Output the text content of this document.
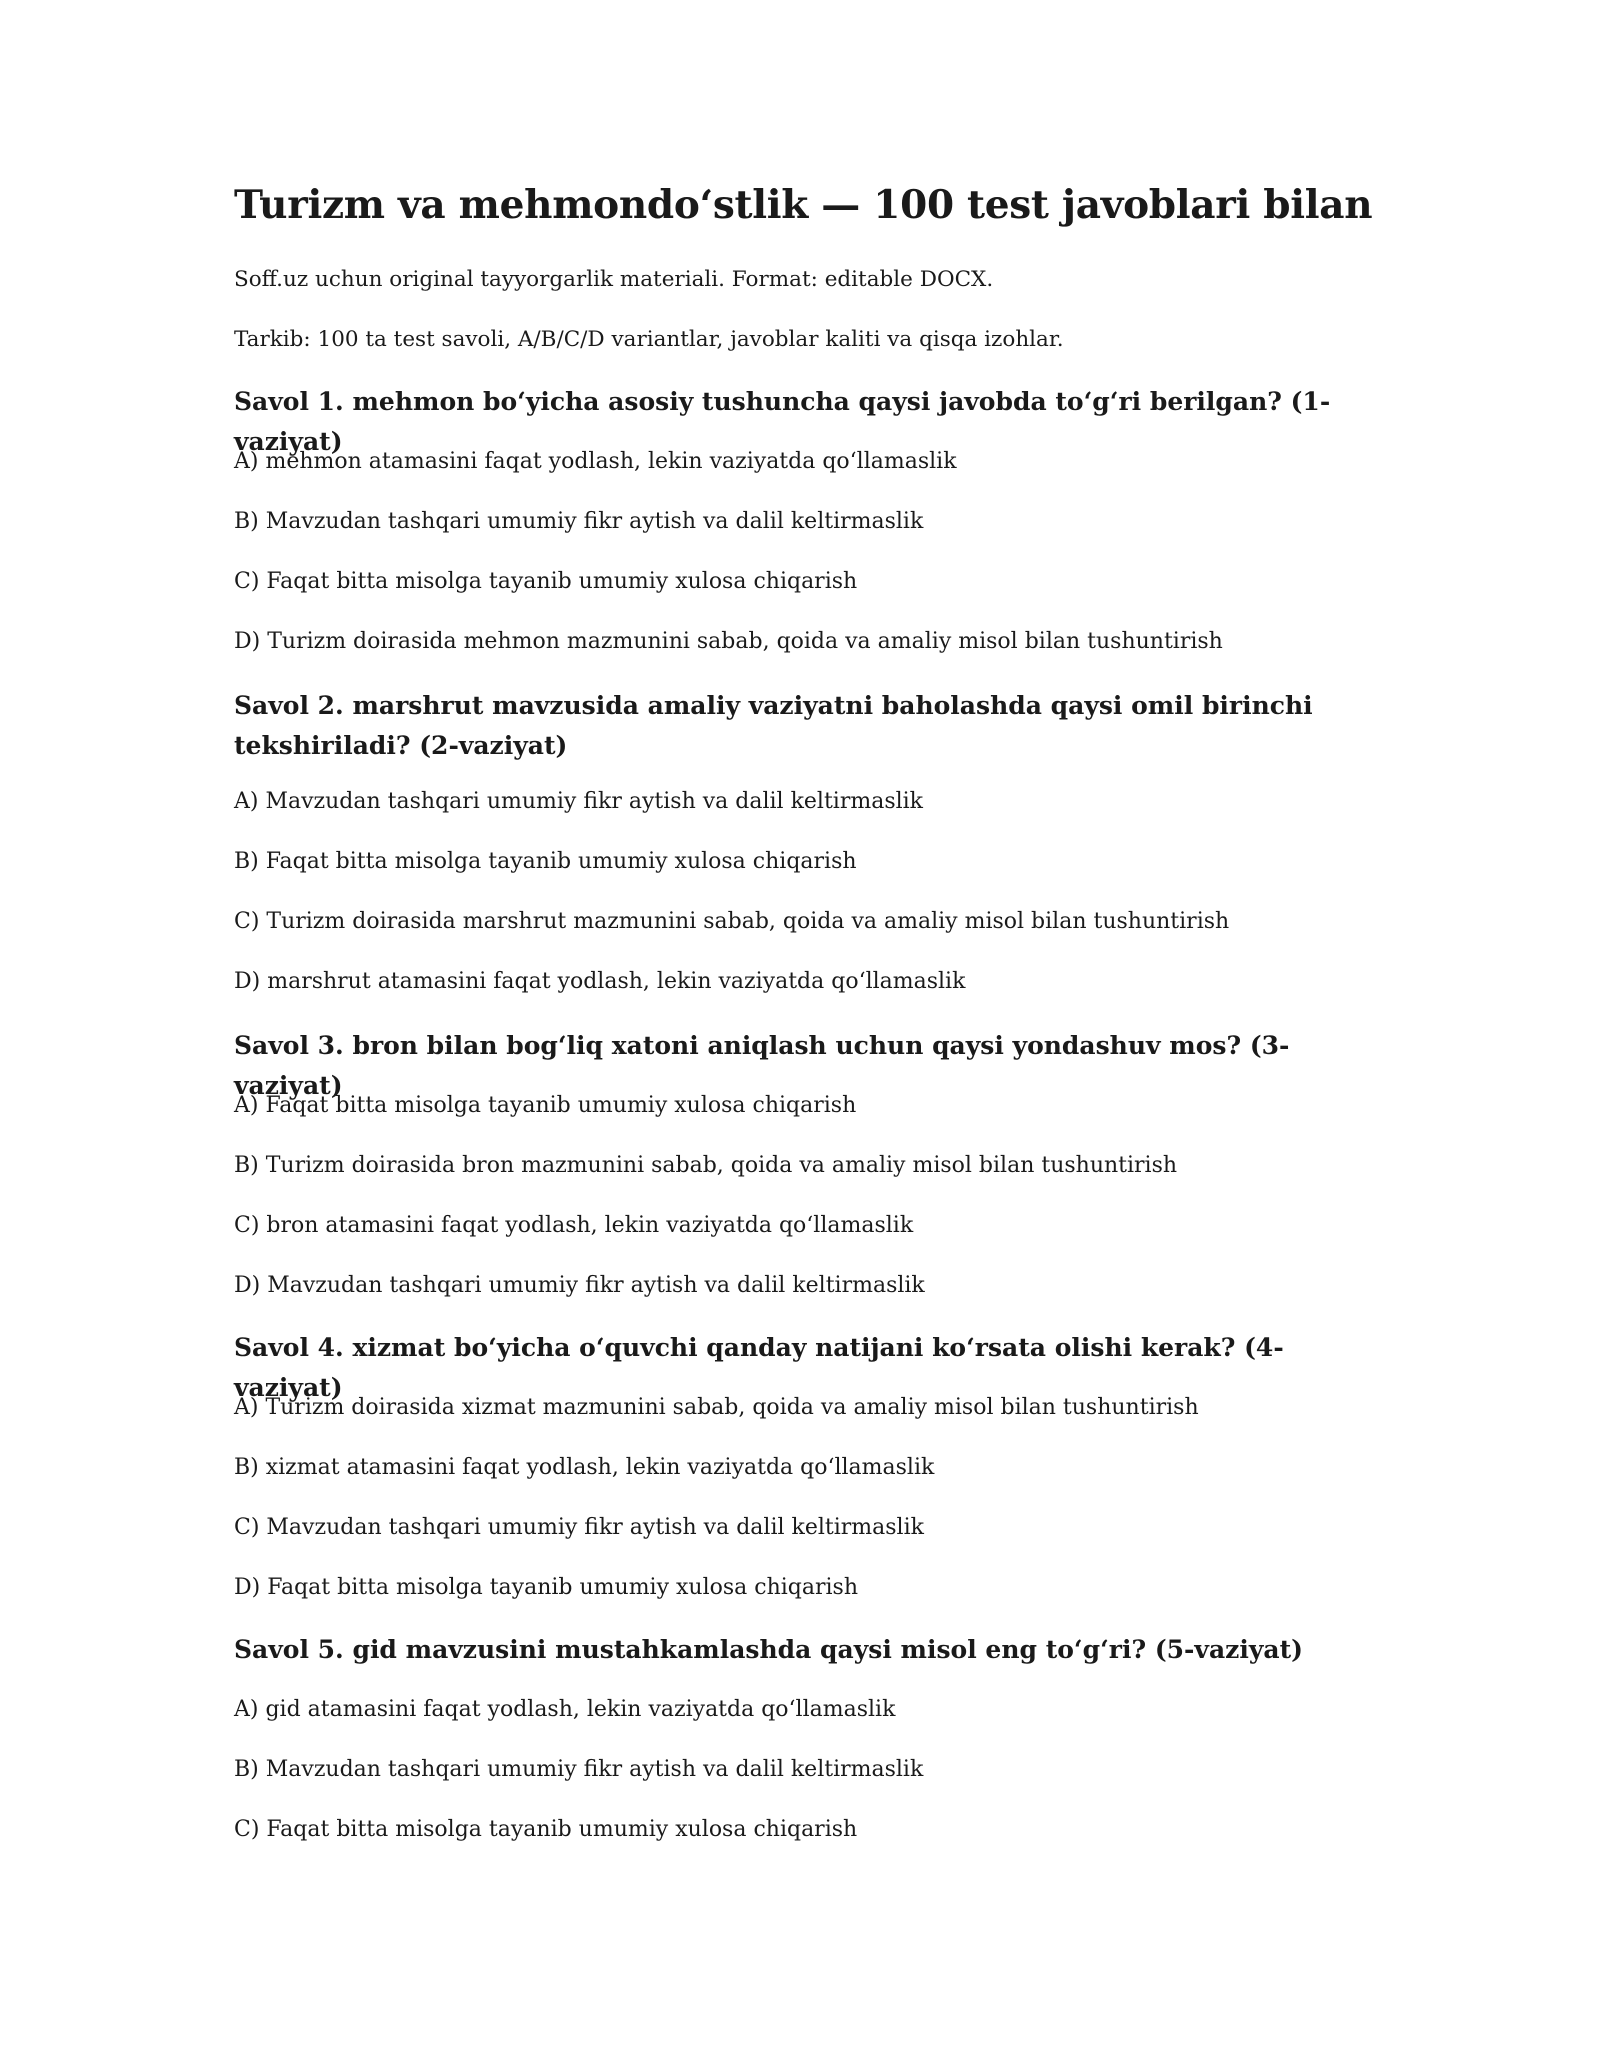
Turizm va mehmondo‘stlik — 100 test javoblari bilan

Soff.uz uchun original tayyorgarlik materiali. Format: editable DOCX.

Tarkib: 100 ta test savoli, A/B/C/D variantlar, javoblar kaliti va qisqa izohlar.

Savol 1. mehmon bo‘yicha asosiy tushuncha qaysi javobda to‘g‘ri berilgan? (1-vaziyat)

A) mehmon atamasini faqat yodlash, lekin vaziyatda qo‘llamaslik

B) Mavzudan tashqari umumiy fikr aytish va dalil keltirmaslik

C) Faqat bitta misolga tayanib umumiy xulosa chiqarish

D) Turizm doirasida mehmon mazmunini sabab, qoida va amaliy misol bilan tushuntirish

Savol 2. marshrut mavzusida amaliy vaziyatni baholashda qaysi omil birinchi tekshiriladi? (2-vaziyat)

A) Mavzudan tashqari umumiy fikr aytish va dalil keltirmaslik

B) Faqat bitta misolga tayanib umumiy xulosa chiqarish

C) Turizm doirasida marshrut mazmunini sabab, qoida va amaliy misol bilan tushuntirish

D) marshrut atamasini faqat yodlash, lekin vaziyatda qo‘llamaslik

Savol 3. bron bilan bog‘liq xatoni aniqlash uchun qaysi yondashuv mos? (3-vaziyat)

A) Faqat bitta misolga tayanib umumiy xulosa chiqarish

B) Turizm doirasida bron mazmunini sabab, qoida va amaliy misol bilan tushuntirish

C) bron atamasini faqat yodlash, lekin vaziyatda qo‘llamaslik

D) Mavzudan tashqari umumiy fikr aytish va dalil keltirmaslik

Savol 4. xizmat bo‘yicha o‘quvchi qanday natijani ko‘rsata olishi kerak? (4-vaziyat)

A) Turizm doirasida xizmat mazmunini sabab, qoida va amaliy misol bilan tushuntirish

B) xizmat atamasini faqat yodlash, lekin vaziyatda qo‘llamaslik

C) Mavzudan tashqari umumiy fikr aytish va dalil keltirmaslik

D) Faqat bitta misolga tayanib umumiy xulosa chiqarish

Savol 5. gid mavzusini mustahkamlashda qaysi misol eng to‘g‘ri? (5-vaziyat)

A) gid atamasini faqat yodlash, lekin vaziyatda qo‘llamaslik

B) Mavzudan tashqari umumiy fikr aytish va dalil keltirmaslik

C) Faqat bitta misolga tayanib umumiy xulosa chiqarish
